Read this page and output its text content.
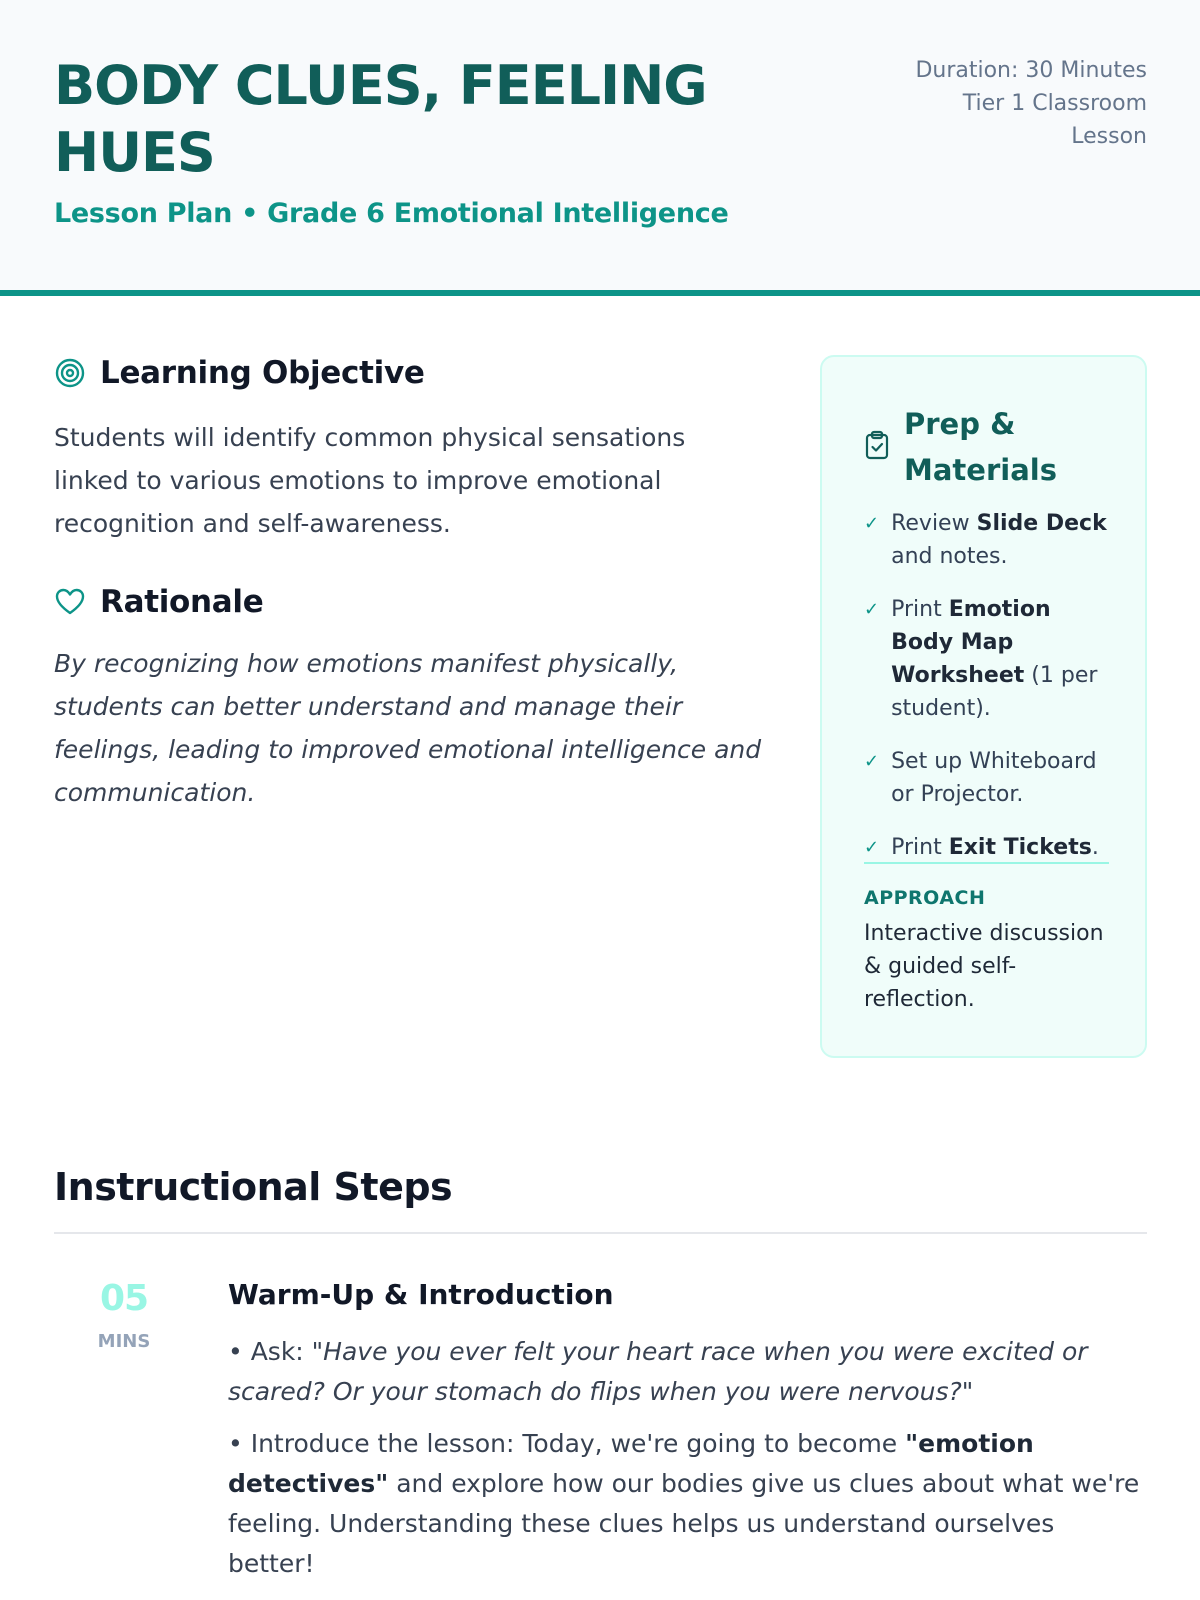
BODY CLUES, FEELING HUES
Lesson Plan • Grade 6 Emotional Intelligence
Duration: 30 Minutes
Tier 1 Classroom Lesson
Learning Objective

Students will identify common physical sensations linked to various emotions to improve emotional recognition and self-awareness.

Rationale

By recognizing how emotions manifest physically, students can better understand and manage their feelings, leading to improved emotional intelligence and communication.

Prep & Materials
✓ Review Slide Deck and notes.
✓ Print Emotion Body Map Worksheet (1 per student).
✓ Set up Whiteboard or Projector.
✓ Print Exit Tickets.
APPROACH
Interactive discussion & guided self-reflection.
Instructional Steps
05
MINS
Warm-Up & Introduction

• Ask: "Have you ever felt your heart race when you were excited or scared? Or your stomach do flips when you were nervous?"

• Introduce the lesson: Today, we're going to become "emotion detectives" and explore how our bodies give us clues about what we're feeling. Understanding these clues helps us understand ourselves better!
